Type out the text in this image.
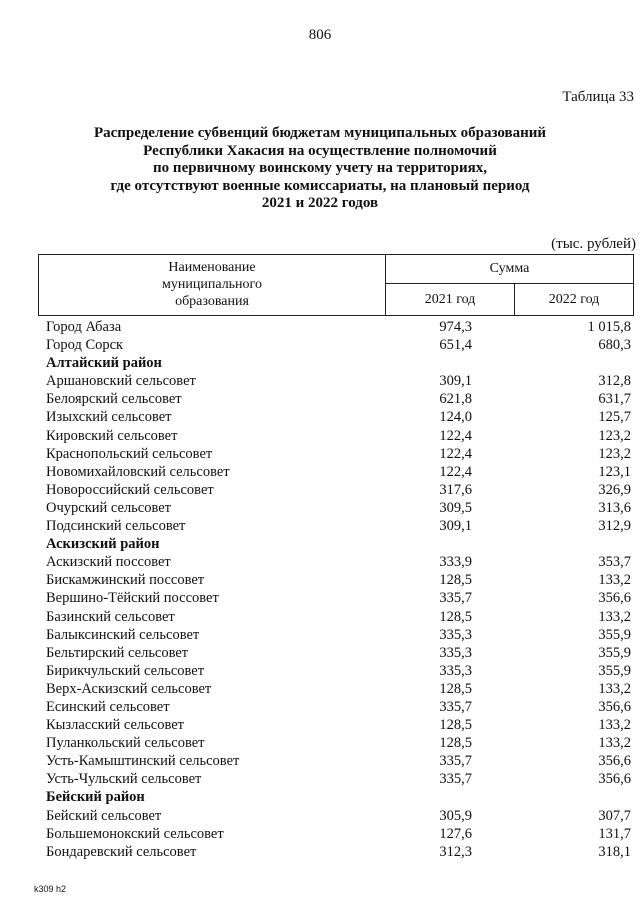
806
Таблица 33
Распределение субвенций бюджетам муниципальных образований
Республики Хакасия на осуществление полномочий
по первичному воинскому учету на территориях,
где отсутствуют военные комиссариаты, на плановый период
2021 и 2022 годов
(тыс. рублей)
Наименование
муниципального
образования
Сумма
2021 год	2022 год
Город Абаза	974,3	1 015,8
Город Сорск	651,4	680,3
Алтайский район
Аршановский сельсовет	309,1	312,8
Белоярский сельсовет	621,8	631,7
Изыхский сельсовет	124,0	125,7
Кировский сельсовет	122,4	123,2
Краснопольский сельсовет	122,4	123,2
Новомихайловский сельсовет	122,4	123,1
Новороссийский сельсовет	317,6	326,9
Очурский сельсовет	309,5	313,6
Подсинский сельсовет	309,1	312,9
Аскизский район
Аскизский поссовет	333,9	353,7
Бискамжинский поссовет	128,5	133,2
Вершино-Тёйский поссовет	335,7	356,6
Базинский сельсовет	128,5	133,2
Балыксинский сельсовет	335,3	355,9
Бельтирский сельсовет	335,3	355,9
Бирикчульский сельсовет	335,3	355,9
Верх-Аскизский сельсовет	128,5	133,2
Есинский сельсовет	335,7	356,6
Кызласский сельсовет	128,5	133,2
Пуланкольский сельсовет	128,5	133,2
Усть-Камыштинский сельсовет	335,7	356,6
Усть-Чульский сельсовет	335,7	356,6
Бейский район
Бейский сельсовет	305,9	307,7
Большемонокский сельсовет	127,6	131,7
Бондаревский сельсовет	312,3	318,1
k309 h2
